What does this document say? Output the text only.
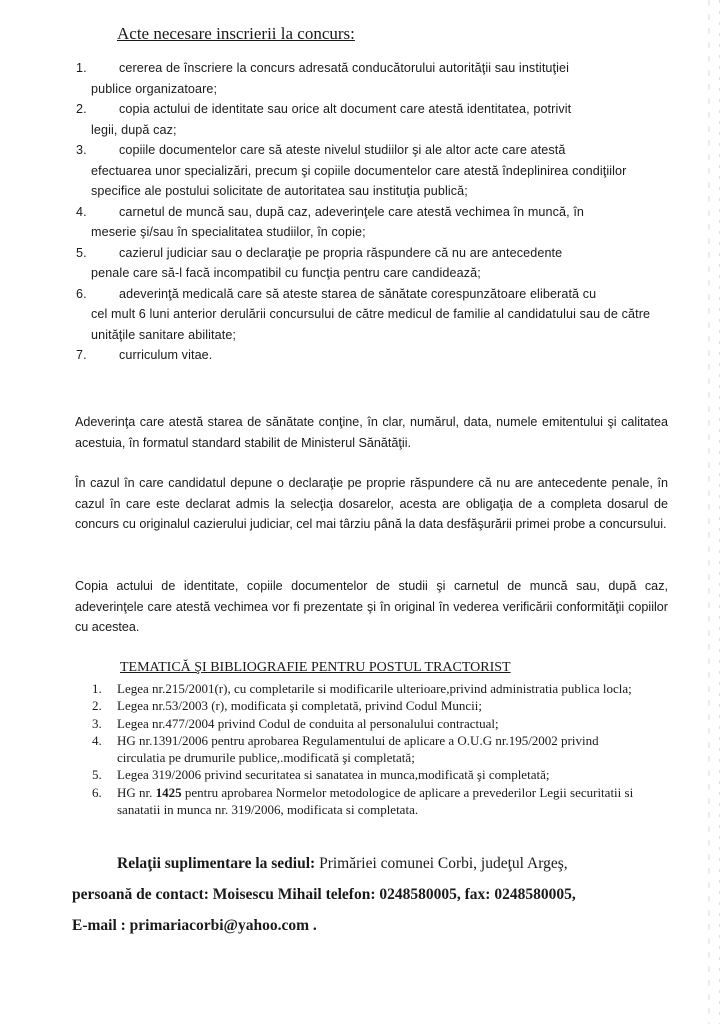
Acte necesare inscrierii la concurs:
1.	cererea de înscriere la concurs adresată conducătorului autorităţii sau instituţiei
publice organizatoare;
2.	copia actului de identitate sau orice alt document care atestă identitatea, potrivit
legii, după caz;
3.	copiile documentelor care să ateste nivelul studiilor şi ale altor acte care atestă
efectuarea unor specializări, precum şi copiile documentelor care atestă îndeplinirea condiţiilor specifice ale postului solicitate de autoritatea sau instituţia publică;
4.	carnetul de muncă sau, după caz, adeverinţele care atestă vechimea în muncă, în
meserie şi/sau în specialitatea studiilor, în copie;
5.	cazierul judiciar sau o declaraţie pe propria răspundere că nu are antecedente
penale care să-l facă incompatibil cu funcţia pentru care candidează;
6.	adeverinţă medicală care să ateste starea de sănătate corespunzătoare eliberată cu
cel mult 6 luni anterior derulării concursului de către medicul de familie al candidatului sau de către unităţile sanitare abilitate;
7.	curriculum vitae.
Adeverinţa care atestă starea de sănătate conţine, în clar, numărul, data, numele emitentului şi calitatea acestuia, în formatul standard stabilit de Ministerul Sănătăţii.
În cazul în care candidatul depune o declaraţie pe proprie răspundere că nu are antecedente penale, în cazul în care este declarat admis la selecţia dosarelor, acesta are obligaţia de a completa dosarul de concurs cu originalul cazierului judiciar, cel mai târziu până la data desfăşurării primei probe a concursului.
Copia actului de identitate, copiile documentelor de studii şi carnetul de muncă sau, după caz, adeverinţele care atestă vechimea vor fi prezentate şi în original în vederea verificării conformităţii copiilor cu acestea.
TEMATICĂ ŞI BIBLIOGRAFIE PENTRU POSTUL TRACTORIST
1.	Legea nr.215/2001(r), cu completarile si modificarile ulterioare,privind administratia publica locla;
2.	Legea nr.53/2003 (r), modificata şi completată, privind Codul Muncii;
3.	Legea nr.477/2004 privind Codul de conduita al personalului contractual;
4.	HG nr.1391/2006 pentru aprobarea Regulamentului de aplicare a O.U.G nr.195/2002 privind circulatia pe drumurile publice,.modificată şi completată;
5.	Legea 319/2006 privind securitatea si sanatatea in munca,modificată şi completată;
6.	HG nr. 1425 pentru aprobarea Normelor metodologice de aplicare a prevederilor Legii securitatii si sanatatii in munca nr. 319/2006, modificata si completata.
Relaţii suplimentare la sediul: Primăriei comunei Corbi, judeţul Argeş,
persoană de contact: Moisescu Mihail telefon: 0248580005, fax: 0248580005,
E-mail : primariacorbi@yahoo.com .
